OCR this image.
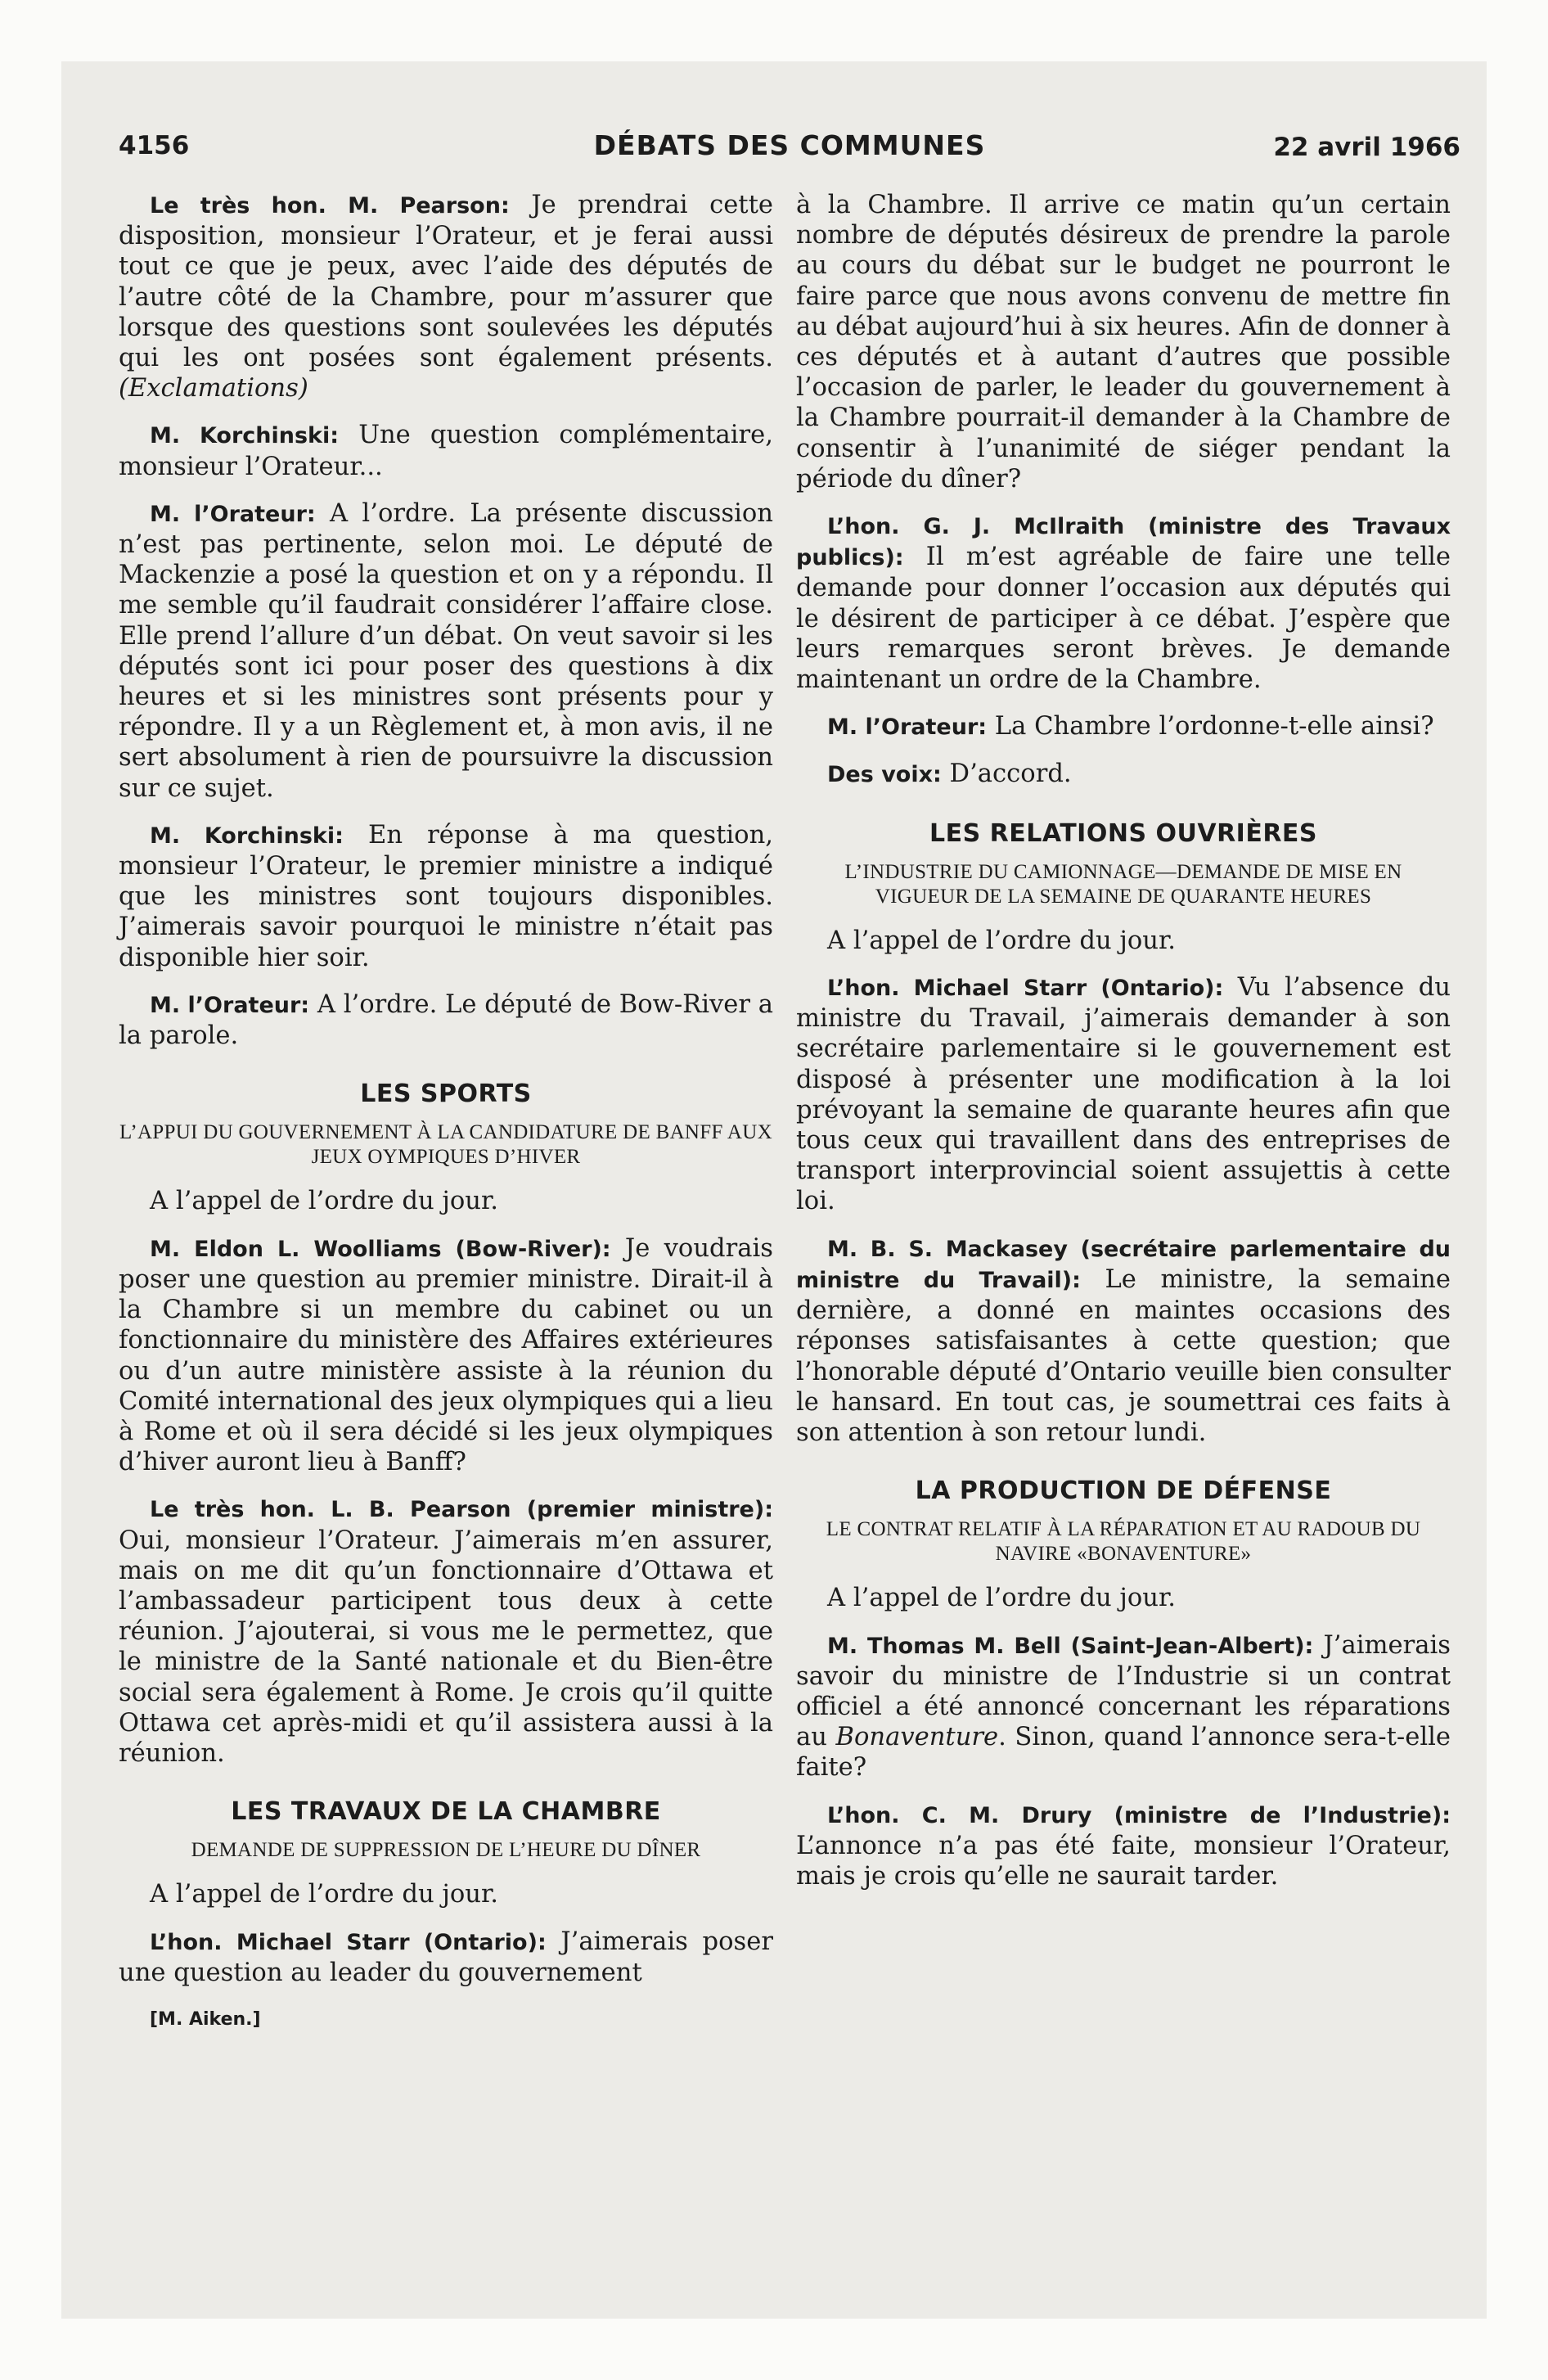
4156	DÉBATS DES COMMUNES	22 avril 1966

Le très hon. M. Pearson: Je prendrai cette disposition, monsieur l’Orateur, et je ferai aussi tout ce que je peux, avec l’aide des députés de l’autre côté de la Chambre, pour m’assurer que lorsque des questions sont soulevées les députés qui les ont posées sont également présents. (Exclamations)

M. Korchinski: Une question complémentaire, monsieur l’Orateur...

M. l’Orateur: A l’ordre. La présente discussion n’est pas pertinente, selon moi. Le député de Mackenzie a posé la question et on y a répondu. Il me semble qu’il faudrait considérer l’affaire close. Elle prend l’allure d’un débat. On veut savoir si les députés sont ici pour poser des questions à dix heures et si les ministres sont présents pour y répondre. Il y a un Règlement et, à mon avis, il ne sert absolument à rien de poursuivre la discussion sur ce sujet.

M. Korchinski: En réponse à ma question, monsieur l’Orateur, le premier ministre a indiqué que les ministres sont toujours disponibles. J’aimerais savoir pourquoi le ministre n’était pas disponible hier soir.

M. l’Orateur: A l’ordre. Le député de Bow-River a la parole.

LES SPORTS
L’APPUI DU GOUVERNEMENT À LA CANDIDATURE DE BANFF AUX JEUX OYMPIQUES D’HIVER

A l’appel de l’ordre du jour.

M. Eldon L. Woolliams (Bow-River): Je voudrais poser une question au premier ministre. Dirait-il à la Chambre si un membre du cabinet ou un fonctionnaire du ministère des Affaires extérieures ou d’un autre ministère assiste à la réunion du Comité international des jeux olympiques qui a lieu à Rome et où il sera décidé si les jeux olympiques d’hiver auront lieu à Banff?

Le très hon. L. B. Pearson (premier ministre): Oui, monsieur l’Orateur. J’aimerais m’en assurer, mais on me dit qu’un fonctionnaire d’Ottawa et l’ambassadeur participent tous deux à cette réunion. J’ajouterai, si vous me le permettez, que le ministre de la Santé nationale et du Bien-être social sera également à Rome. Je crois qu’il quitte Ottawa cet après-midi et qu’il assistera aussi à la réunion.

LES TRAVAUX DE LA CHAMBRE
DEMANDE DE SUPPRESSION DE L’HEURE DU DÎNER

A l’appel de l’ordre du jour.

L’hon. Michael Starr (Ontario): J’aimerais poser une question au leader du gouvernement

[M. Aiken.]

à la Chambre. Il arrive ce matin qu’un certain nombre de députés désireux de prendre la parole au cours du débat sur le budget ne pourront le faire parce que nous avons convenu de mettre fin au débat aujourd’hui à six heures. Afin de donner à ces députés et à autant d’autres que possible l’occasion de parler, le leader du gouvernement à la Chambre pourrait-il demander à la Chambre de consentir à l’unanimité de siéger pendant la période du dîner?

L’hon. G. J. McIlraith (ministre des Travaux publics): Il m’est agréable de faire une telle demande pour donner l’occasion aux députés qui le désirent de participer à ce débat. J’espère que leurs remarques seront brèves. Je demande maintenant un ordre de la Chambre.

M. l’Orateur: La Chambre l’ordonne-t-elle ainsi?

Des voix: D’accord.

LES RELATIONS OUVRIÈRES
L’INDUSTRIE DU CAMIONNAGE—DEMANDE DE MISE EN VIGUEUR DE LA SEMAINE DE QUARANTE HEURES

A l’appel de l’ordre du jour.

L’hon. Michael Starr (Ontario): Vu l’absence du ministre du Travail, j’aimerais demander à son secrétaire parlementaire si le gouvernement est disposé à présenter une modification à la loi prévoyant la semaine de quarante heures afin que tous ceux qui travaillent dans des entreprises de transport interprovincial soient assujettis à cette loi.

M. B. S. Mackasey (secrétaire parlementaire du ministre du Travail): Le ministre, la semaine dernière, a donné en maintes occasions des réponses satisfaisantes à cette question; que l’honorable député d’Ontario veuille bien consulter le hansard. En tout cas, je soumettrai ces faits à son attention à son retour lundi.

LA PRODUCTION DE DÉFENSE
LE CONTRAT RELATIF À LA RÉPARATION ET AU RADOUB DU NAVIRE «BONAVENTURE»

A l’appel de l’ordre du jour.

M. Thomas M. Bell (Saint-Jean-Albert): J’aimerais savoir du ministre de l’Industrie si un contrat officiel a été annoncé concernant les réparations au Bonaventure. Sinon, quand l’annonce sera-t-elle faite?

L’hon. C. M. Drury (ministre de l’Industrie): L’annonce n’a pas été faite, monsieur l’Orateur, mais je crois qu’elle ne saurait tarder.
